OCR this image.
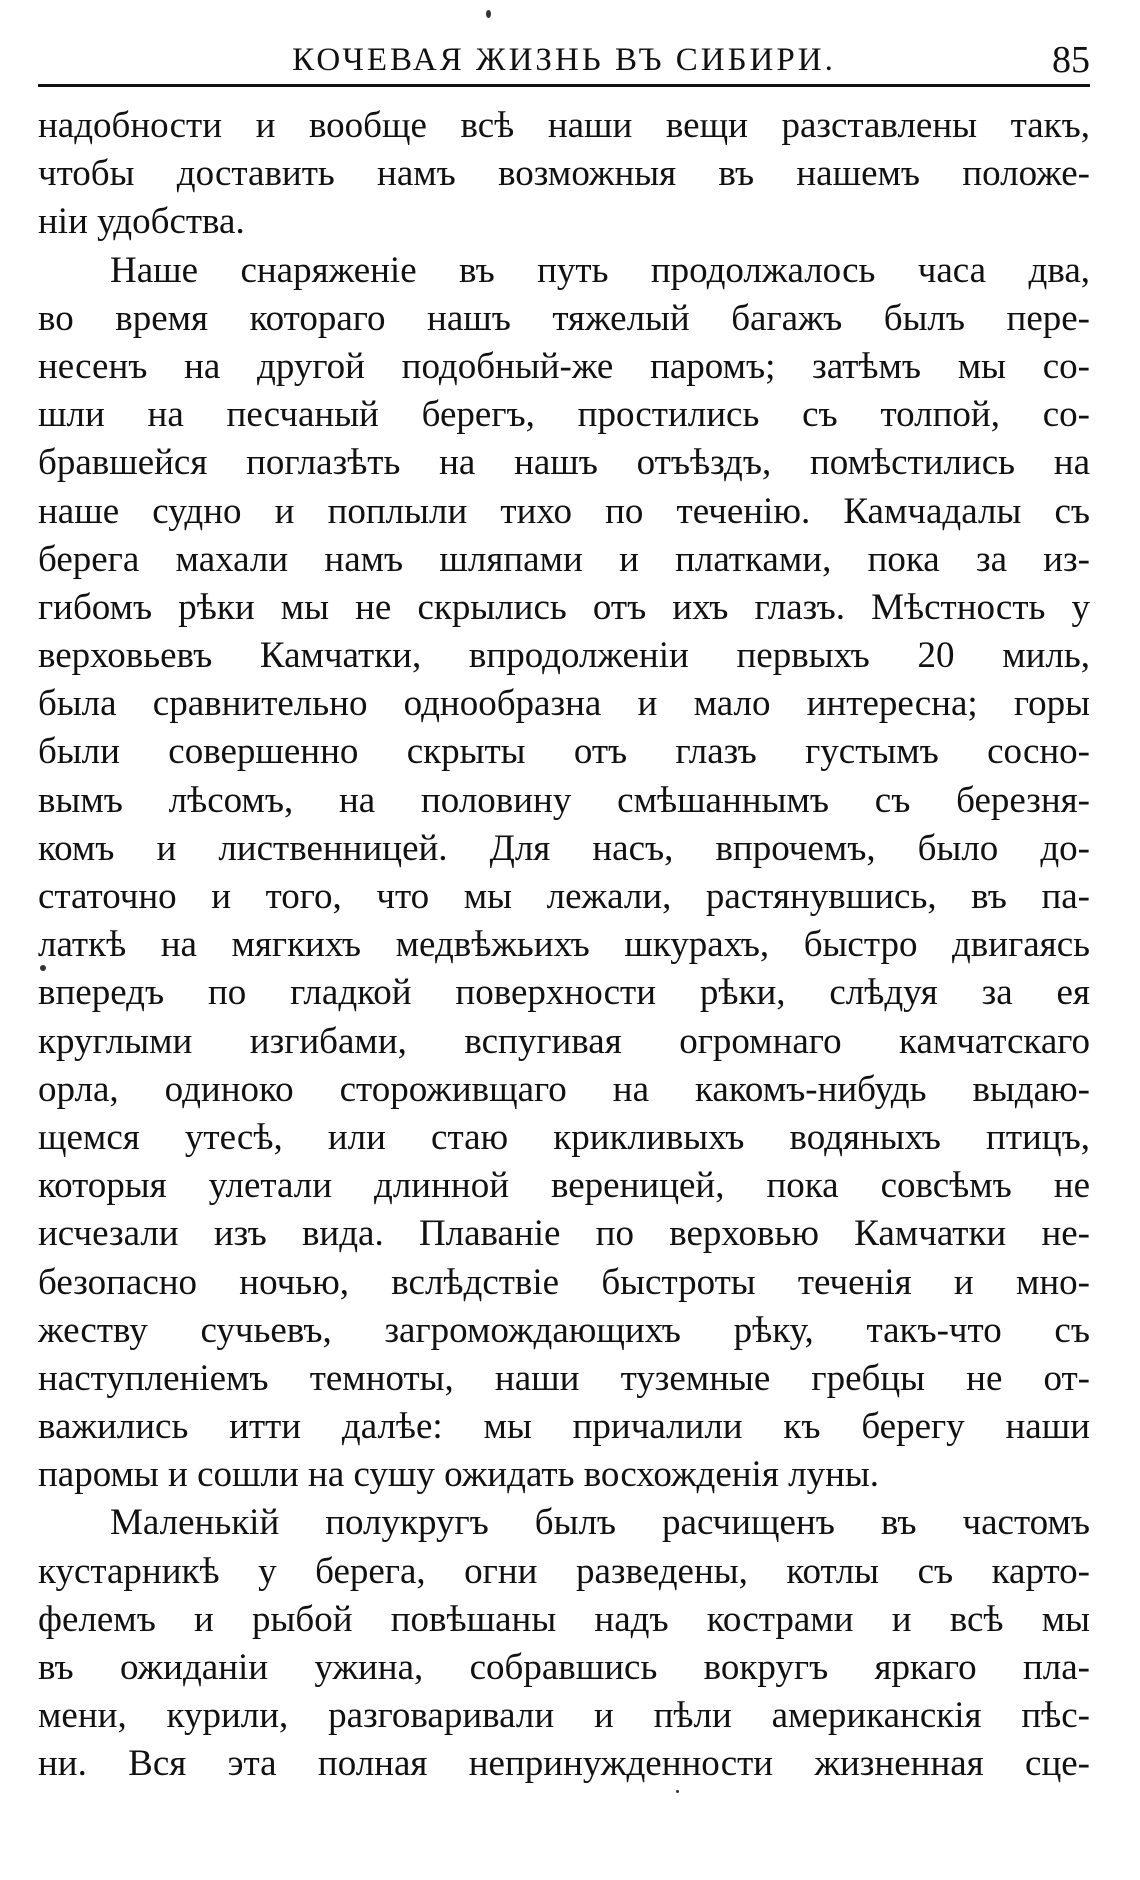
КОЧЕВАЯ ЖИЗНЬ ВЪ СИБИРИ.	85
надобности и вообще всѣ наши вещи разставлены такъ,
чтобы доставить намъ возможныя въ нашемъ положе-
ніи удобства.
Наше снаряженіе въ путь продолжалось часа два,
во время котораго нашъ тяжелый багажъ былъ пере-
несенъ на другой подобный-же паромъ; затѣмъ мы со-
шли на песчаный берегъ, простились съ толпой, со-
бравшейся поглазѣть на нашъ отъѣздъ, помѣстились на
наше судно и поплыли тихо по теченію. Камчадалы съ
берега махали намъ шляпами и платками, пока за из-
гибомъ рѣки мы не скрылись отъ ихъ глазъ. Мѣстность у
верховьевъ Камчатки, впродолженіи первыхъ 20 миль,
была сравнительно однообразна и мало интересна; горы
были совершенно скрыты отъ глазъ густымъ сосно-
вымъ лѣсомъ, на половину смѣшаннымъ съ березня-
комъ и лиственницей. Для насъ, впрочемъ, было до-
статочно и того, что мы лежали, растянувшись, въ па-
латкѣ на мягкихъ медвѣжьихъ шкурахъ, быстро двигаясь
впередъ по гладкой поверхности рѣки, слѣдуя за ея
круглыми изгибами, вспугивая огромнаго камчатскаго
орла, одиноко стороживщаго на какомъ-нибудь выдаю-
щемся утесѣ, или стаю крикливыхъ водяныхъ птицъ,
которыя улетали длинной вереницей, пока совсѣмъ не
исчезали изъ вида. Плаваніе по верховью Камчатки не-
безопасно ночью, вслѣдствіе быстроты теченія и мно-
жеству сучьевъ, загромождающихъ рѣку, такъ-что съ
наступленіемъ темноты, наши туземные гребцы не от-
важились итти далѣе: мы причалили къ берегу наши
паромы и сошли на сушу ожидать восхожденія луны.
Маленькій полукругъ былъ расчищенъ въ частомъ
кустарникѣ у берега, огни разведены, котлы съ карто-
фелемъ и рыбой повѣшаны надъ кострами и всѣ мы
въ ожиданіи ужина, собравшись вокругъ яркаго пла-
мени, курили, разговаривали и пѣли американскія пѣс-
ни. Вся эта полная непринужденности жизненная сце-
